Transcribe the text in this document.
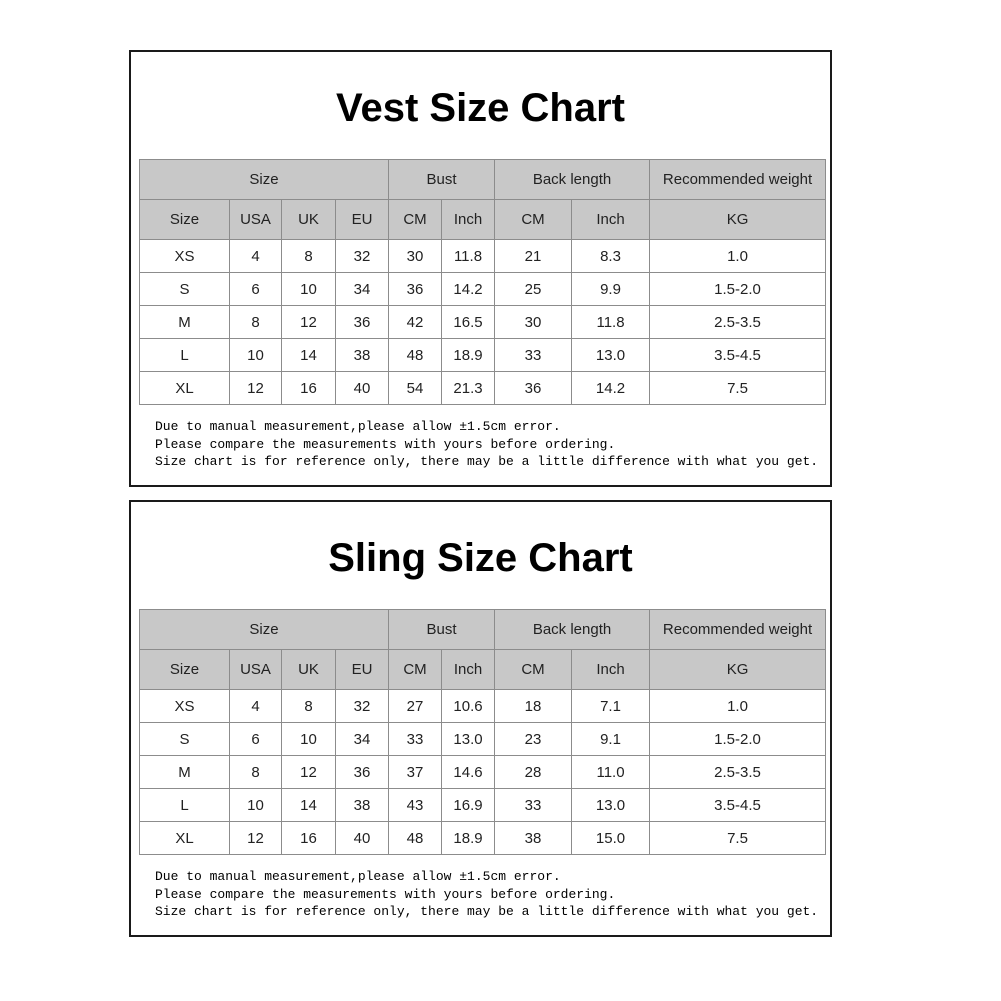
Vest Size Chart
Size				Bust		Back length		Recommended weight
Size	USA	UK	EU	CM	Inch	CM	Inch	KG
XS	4	8	32	30	11.8	21	8.3	1.0
S	6	10	34	36	14.2	25	9.9	1.5-2.0
M	8	12	36	42	16.5	30	11.8	2.5-3.5
L	10	14	38	48	18.9	33	13.0	3.5-4.5
XL	12	16	40	54	21.3	36	14.2	7.5
Due to manual measurement,please allow ±1.5cm error.
Please compare the measurements with yours before ordering.
Size chart is for reference only, there may be a little difference with what you get.
Sling Size Chart
Size				Bust		Back length		Recommended weight
Size	USA	UK	EU	CM	Inch	CM	Inch	KG
XS	4	8	32	27	10.6	18	7.1	1.0
S	6	10	34	33	13.0	23	9.1	1.5-2.0
M	8	12	36	37	14.6	28	11.0	2.5-3.5
L	10	14	38	43	16.9	33	13.0	3.5-4.5
XL	12	16	40	48	18.9	38	15.0	7.5
Due to manual measurement,please allow ±1.5cm error.
Please compare the measurements with yours before ordering.
Size chart is for reference only, there may be a little difference with what you get.
